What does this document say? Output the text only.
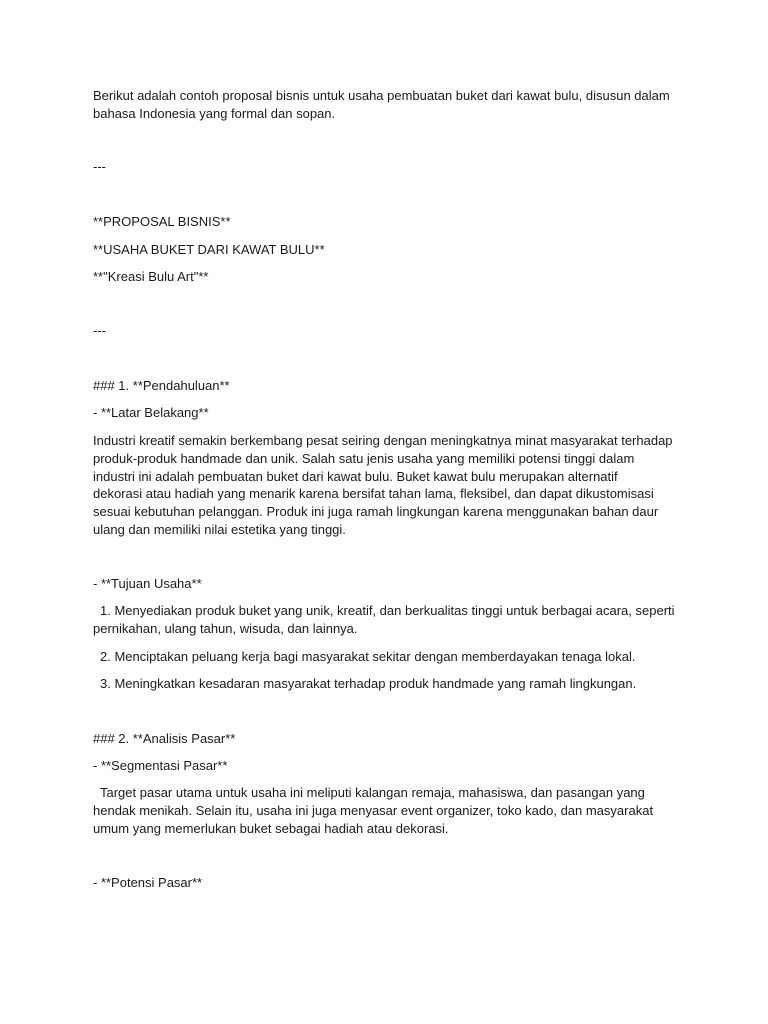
Berikut adalah contoh proposal bisnis untuk usaha pembuatan buket dari kawat bulu, disusun dalam
bahasa Indonesia yang formal dan sopan.
---
**PROPOSAL BISNIS**
**USAHA BUKET DARI KAWAT BULU**
**"Kreasi Bulu Art"**
---
### 1. **Pendahuluan**
- **Latar Belakang**
Industri kreatif semakin berkembang pesat seiring dengan meningkatnya minat masyarakat terhadap
produk-produk handmade dan unik. Salah satu jenis usaha yang memiliki potensi tinggi dalam
industri ini adalah pembuatan buket dari kawat bulu. Buket kawat bulu merupakan alternatif
dekorasi atau hadiah yang menarik karena bersifat tahan lama, fleksibel, dan dapat dikustomisasi
sesuai kebutuhan pelanggan. Produk ini juga ramah lingkungan karena menggunakan bahan daur
ulang dan memiliki nilai estetika yang tinggi.
- **Tujuan Usaha**
1. Menyediakan produk buket yang unik, kreatif, dan berkualitas tinggi untuk berbagai acara, seperti
pernikahan, ulang tahun, wisuda, dan lainnya.
2. Menciptakan peluang kerja bagi masyarakat sekitar dengan memberdayakan tenaga lokal.
3. Meningkatkan kesadaran masyarakat terhadap produk handmade yang ramah lingkungan.
### 2. **Analisis Pasar**
- **Segmentasi Pasar**
Target pasar utama untuk usaha ini meliputi kalangan remaja, mahasiswa, dan pasangan yang
hendak menikah. Selain itu, usaha ini juga menyasar event organizer, toko kado, dan masyarakat
umum yang memerlukan buket sebagai hadiah atau dekorasi.
- **Potensi Pasar**
